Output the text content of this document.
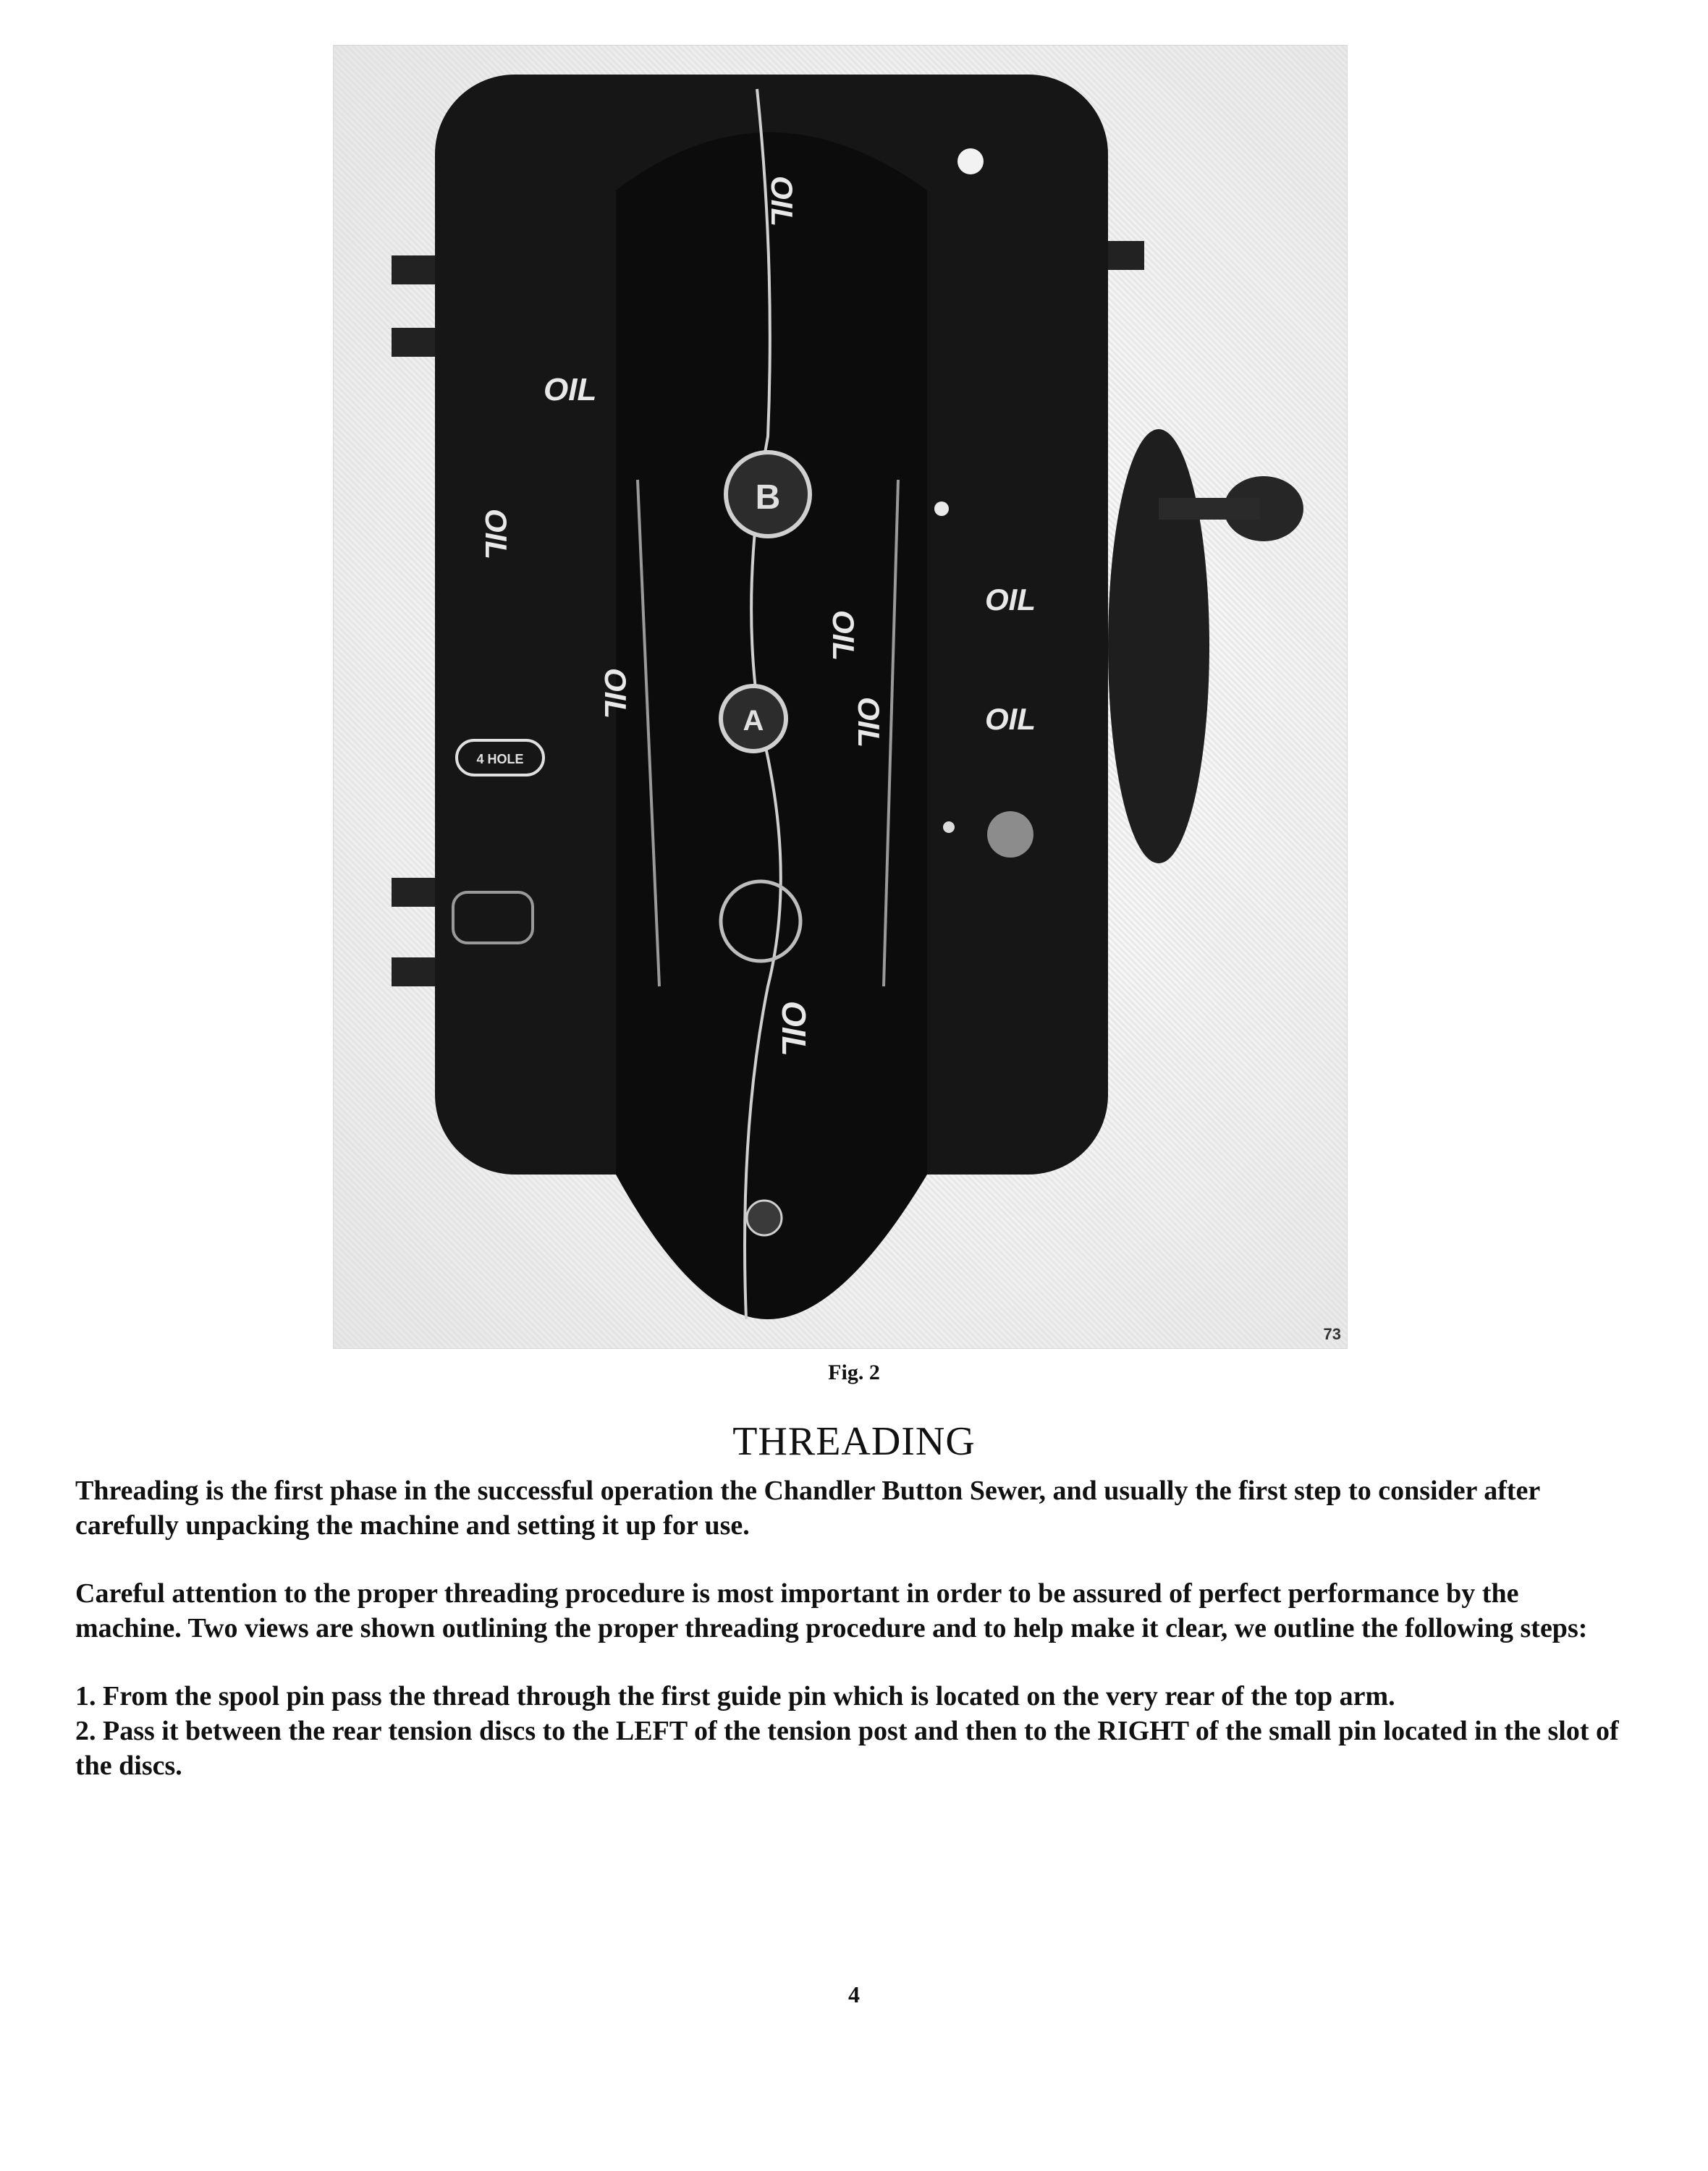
B
A
4 HOLE
OIL
OIL
OIL
OIL
OIL
OIL
OIL
OIL
OIL
73
Fig. 2
THREADING

Threading is the first phase in the successful operation the Chandler Button Sewer, and usually the first step to consider after carefully unpacking the machine and setting it up for use.

Careful attention to the proper threading procedure is most important in order to be assured of perfect performance by the machine. Two views are shown outlining the proper threading procedure and to help make it clear, we outline the following steps:

1. From the spool pin pass the thread through the first guide pin which is located on the very rear of the top arm.
2. Pass it between the rear tension discs to the LEFT of the tension post and then to the RIGHT of the small pin located in the slot of the discs.
4
